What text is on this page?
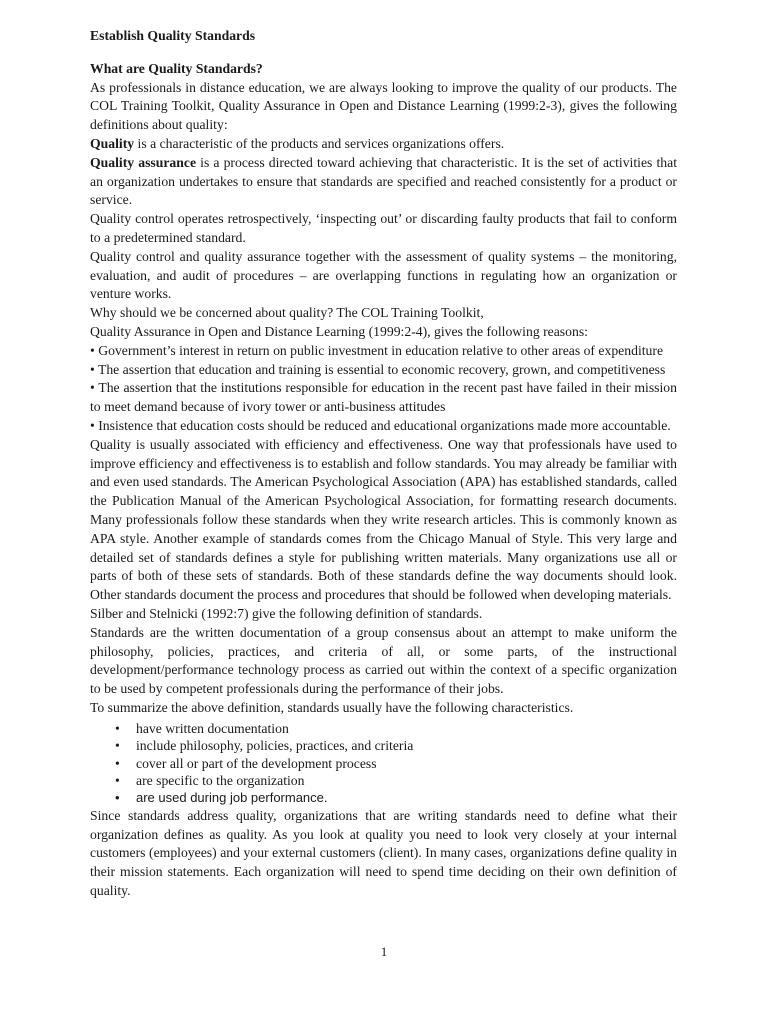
Establish Quality Standards
What are Quality Standards?

As professionals in distance education, we are always looking to improve the quality of our products. The COL Training Toolkit, Quality Assurance in Open and Distance Learning (1999:2-3), gives the following definitions about quality:

Quality is a characteristic of the products and services organizations offers.

Quality assurance is a process directed toward achieving that characteristic. It is the set of activities that an organization undertakes to ensure that standards are specified and reached consistently for a product or service.

Quality control operates retrospectively, ‘inspecting out’ or discarding faulty products that fail to conform to a predetermined standard.

Quality control and quality assurance together with the assessment of quality systems – the monitoring, evaluation, and audit of procedures – are overlapping functions in regulating how an organization or venture works.

Why should we be concerned about quality? The COL Training Toolkit,

Quality Assurance in Open and Distance Learning (1999:2-4), gives the following reasons:

• Government’s interest in return on public investment in education relative to other areas of expenditure

• The assertion that education and training is essential to economic recovery, grown, and competitiveness

• The assertion that the institutions responsible for education in the recent past have failed in their mission to meet demand because of ivory tower or anti-business attitudes

• Insistence that education costs should be reduced and educational organizations made more accountable.

Quality is usually associated with efficiency and effectiveness. One way that professionals have used to improve efficiency and effectiveness is to establish and follow standards. You may already be familiar with and even used standards. The American Psychological Association (APA) has established standards, called the Publication Manual of the American Psychological Association, for formatting research documents. Many professionals follow these standards when they write research articles. This is commonly known as APA style. Another example of standards comes from the Chicago Manual of Style. This very large and detailed set of standards defines a style for publishing written materials. Many organizations use all or parts of both of these sets of standards. Both of these standards define the way documents should look. Other standards document the process and procedures that should be followed when developing materials.

Silber and Stelnicki (1992:7) give the following definition of standards.

Standards are the written documentation of a group consensus about an attempt to make uniform the philosophy, policies, practices, and criteria of all, or some parts, of the instructional development/performance technology process as carried out within the context of a specific organization to be used by competent professionals during the performance of their jobs.

To summarize the above definition, standards usually have the following characteristics.

• have written documentation
• include philosophy, policies, practices, and criteria
• cover all or part of the development process
• are specific to the organization
• are used during job performance.

Since standards address quality, organizations that are writing standards need to define what their organization defines as quality. As you look at quality you need to look very closely at your internal customers (employees) and your external customers (client). In many cases, organizations define quality in their mission statements. Each organization will need to spend time deciding on their own definition of quality.

1
